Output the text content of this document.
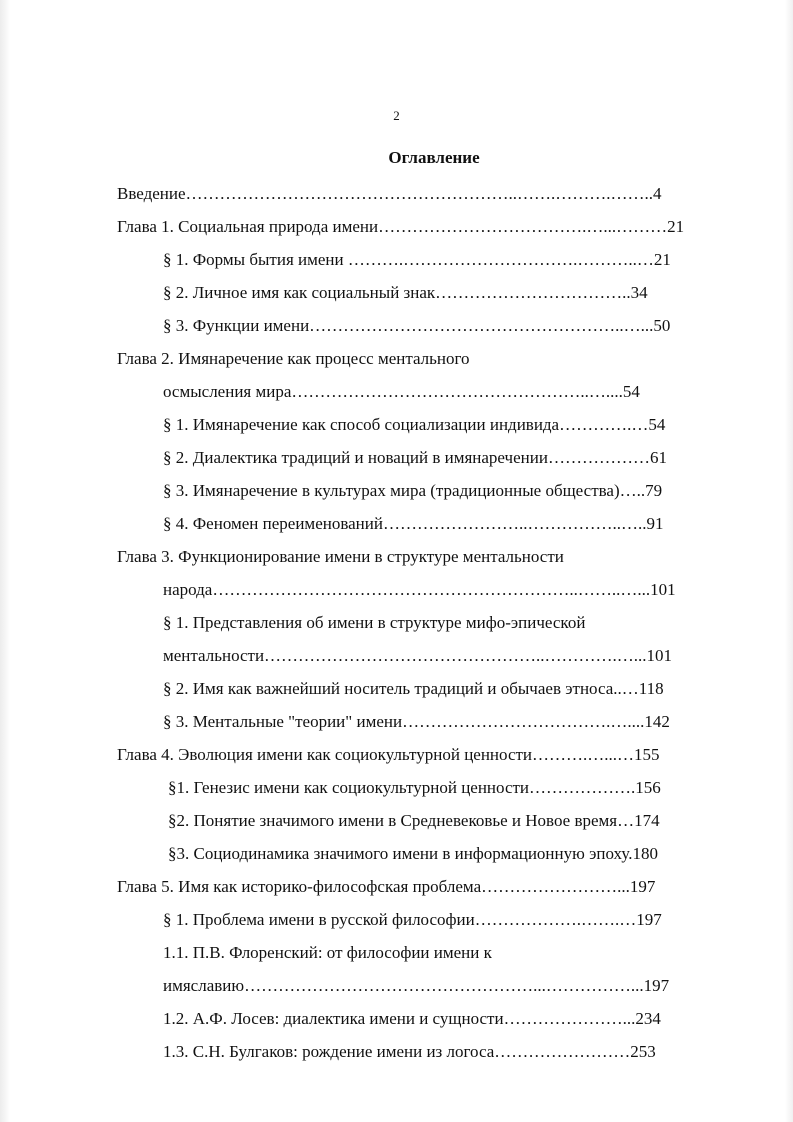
2
Оглавление
Введение…………………………………………………..…….……….……..4
Глава 1. Социальная природа имени……………………………….…...………21
§ 1. Формы бытия имени ……….………………………….………..…21
§ 2. Личное имя как социальный знак……………………………..34
§ 3. Функции имени………………………………………………..…...50
Глава 2. Имянаречение как процесс ментального
осмысления мира……………………………………………..…....54
§ 1. Имянаречение как способ социализации индивида………….…54
§ 2. Диалектика традиций и новаций в имянаречении………………61
§ 3. Имянаречение в культурах мира (традиционные общества)…..79
§ 4. Феномен переименований……………………..……………..…..91
Глава 3. Функционирование имени в структуре ментальности
народа………………………………………………………..……..…...101
§ 1. Представления об имени в структуре мифо-эпической
ментальности…………………………………………..………….…...101
§ 2. Имя как важнейший носитель традиций и обычаев этноса..…118
§ 3. Ментальные "теории" имени……………………………….…....142
Глава 4. Эволюция имени как социокультурной ценности……….…...…155
§1. Генезис имени как социокультурной ценности……………….156
§2. Понятие значимого имени в Средневековье и Новое время…174
§3. Социодинамика значимого имени в информационную эпоху.180
Глава 5. Имя как историко-философская проблема……………………...197
§ 1. Проблема имени в русской философии……………….…….…197
1.1. П.В. Флоренский: от философии имени к
имяславию……………………………………………...……………...197
1.2. А.Ф. Лосев: диалектика имени и сущности…………………...234
1.3. С.Н. Булгаков: рождение имени из логоса……………………253
